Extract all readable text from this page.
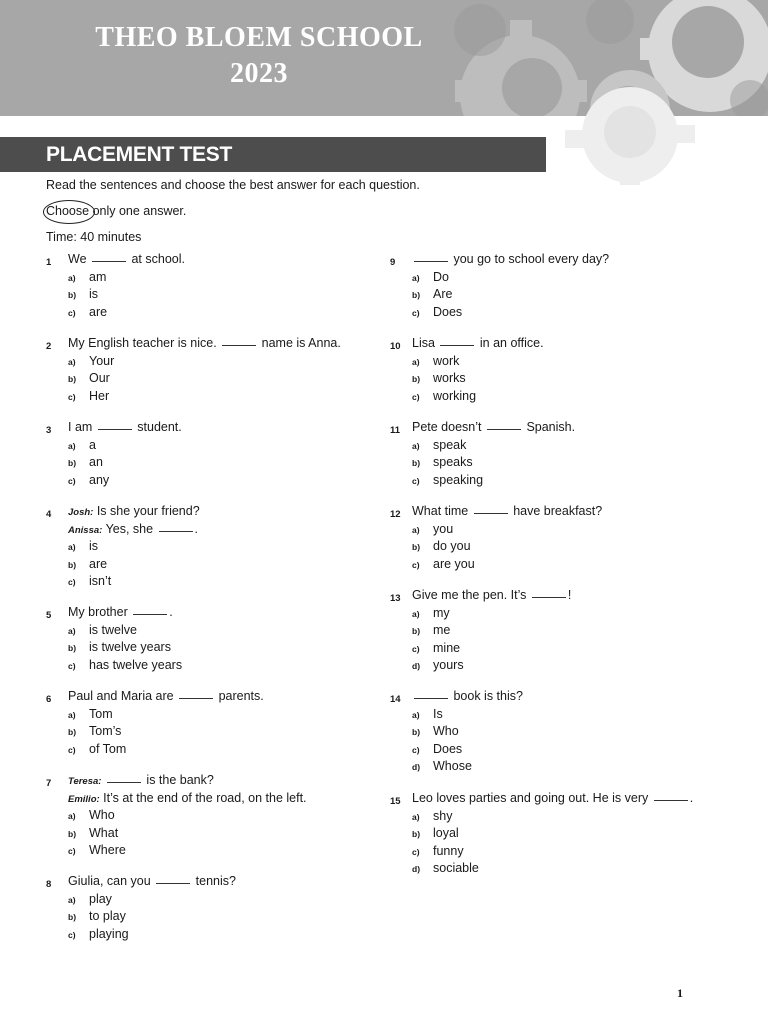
THEO BLOEM SCHOOL
2023
PLACEMENT TEST
Read the sentences and choose the best answer for each question.
Choose only one answer.
Time: 40 minutes
1 We	at school.
a) am
b) is
c) are
2 My English teacher is nice.	name is Anna.
a) Your
b) Our
c) Her
3 I am	student.
a) a
b) an
c) any
4 Josh: Is she your friend?
Anissa: Yes, she	.
a) is
b) are
c) isn’t
5 My brother	.
a) is twelve
b) is twelve years
c) has twelve years
6 Paul and Maria are	parents.
a) Tom
b) Tom’s
c) of Tom
7 Teresa:	is the bank?
Emilio: It’s at the end of the road, on the left.
a) Who
b) What
c) Where
8 Giulia, can you	tennis?
a) play
b) to play
c) playing
9	you go to school every day?
a) Do
b) Are
c) Does
10 Lisa	in an office.
a) work
b) works
c) working
11 Pete doesn’t	Spanish.
a) speak
b) speaks
c) speaking
12 What time	have breakfast?
a) you
b) do you
c) are you
13 Give me the pen. It’s	!
a) my
b) me
c) mine
d) yours
14	book is this?
a) Is
b) Who
c) Does
d) Whose
15 Leo loves parties and going out. He is very	.
a) shy
b) loyal
c) funny
d) sociable
1
